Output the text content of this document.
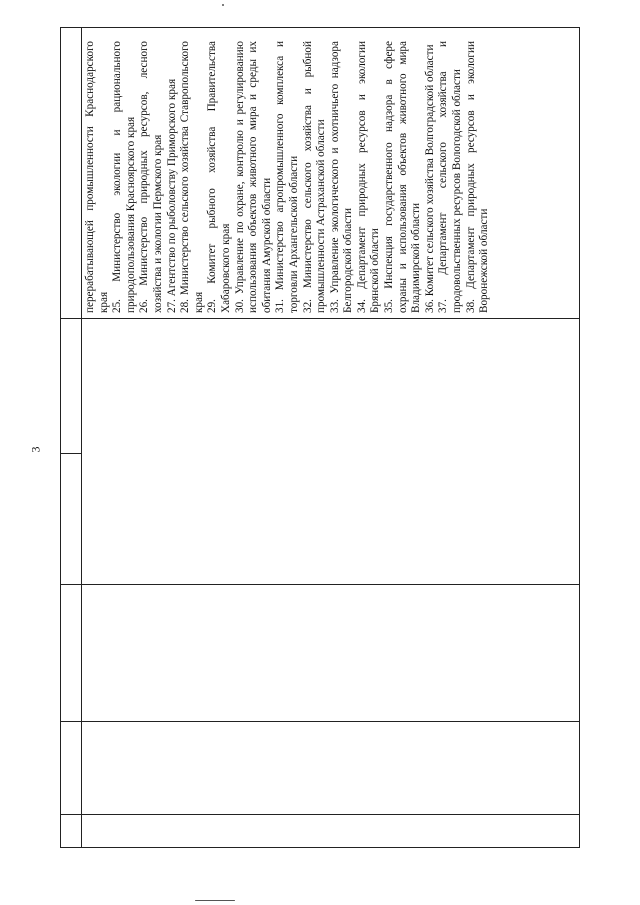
3
перерабатывающей промышленности Краснодарского края 25. Министерство экологии и рационального природопользования Красноярского края 26. Министерство природных ресурсов, лесного хозяйства и экологии Пермского края 27. Агентство по рыболовству Приморского края 28. Министерство сельского хозяйства Ставропольского края 29. Комитет рыбного хозяйства Правительства Хабаровского края 30. Управление по охране, контролю и регулированию использования объектов животного мира и среды их обитания Амурской области 31. Министерство агропромышленного комплекса и торговли Архангельской области 32. Министерство сельского хозяйства и рыбной промышленности Астраханской области 33. Управление экологического и охотничьего надзора Белгородской области 34. Департамент природных ресурсов и экологии Брянской области 35. Инспекция государственного надзора в сфере охраны и использования объектов животного мира Владимирской области 36. Комитет сельского хозяйства Волгоградской области 37. Департамент сельского хозяйства и продовольственных ресурсов Вологодской области 38. Департамент природных ресурсов и экологии Воронежской области
